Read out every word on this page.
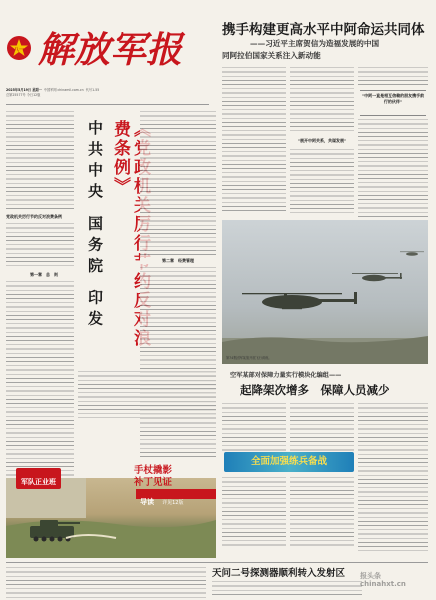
八一 解放军报
2025年5月19日 星期一 中国军网 chinamil.com.cn 代号1-55
总第25577号 今日12版
携手构建更高水平中阿命运共同体
——习近平主席贺信为造福发展的中国
同阿拉伯国家关系注入新动能
“展开中阿关系，共谋发展”
“中阿一直是相互信赖的朋友携手前行的伙伴”
党政机关厉行节约反对浪费条例
第一章　总　则
费条例》
中共中央 国务院 印发	第二章　经费管理
第74集团军某旅开展飞行训练。
空军某部对保障力量实行模块化编组——
起降架次增多　保障人员减少
全面加强练兵备战
军队正业班
手杖撬影
补丁见证
导读 详见12版
天问二号探测器顺利转入发射区 报头条
chinahxt.cn
